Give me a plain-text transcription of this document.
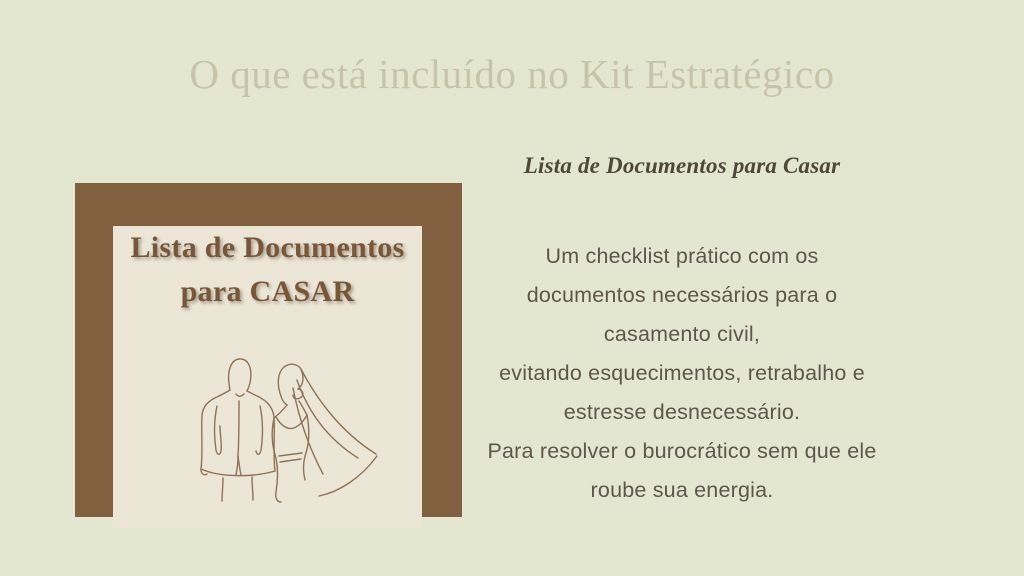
O que está incluído no Kit Estratégico
Lista de Documentos
para CASAR
Lista de Documentos para Casar
Um checklist prático com os
documentos necessários para o
casamento civil,
evitando esquecimentos, retrabalho e
estresse desnecessário.
Para resolver o burocrático sem que ele
roube sua energia.
